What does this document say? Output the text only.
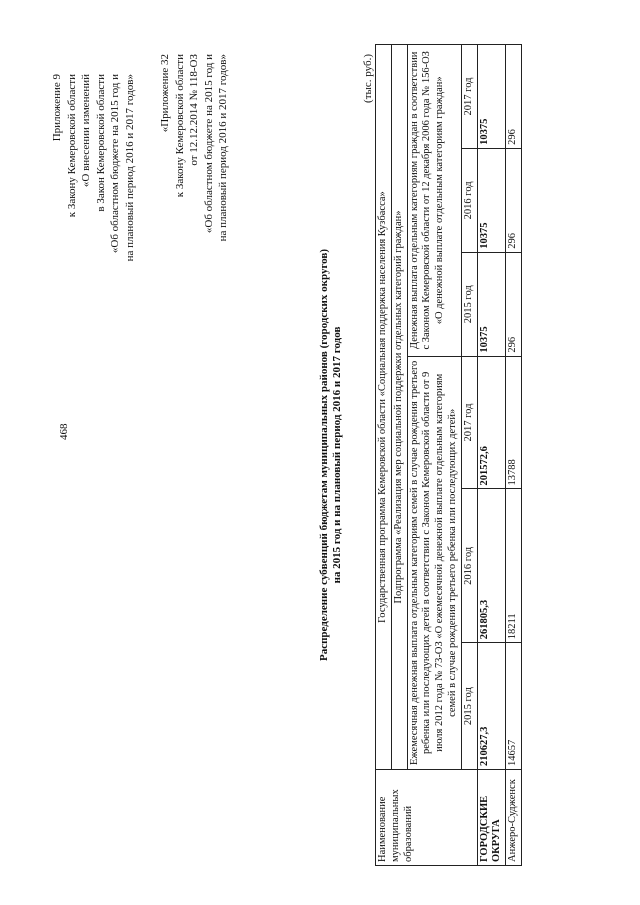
468
Приложение 9 к Закону Кемеровской области «О внесении изменений в Закон Кемеровской области «Об областном бюджете на 2015 год и на плановый период 2016 и 2017 годов» «Приложение 32 к Закону Кемеровской области от 12.12.2014 № 118-ОЗ «Об областном бюджете на 2015 год и на плановый период 2016 и 2017 годов»
Распределение субвенций бюджетам муниципальных районов (городских округов) на 2015 год и на плановый период 2016 и 2017 годов
(тыс. руб.)
Наименование муниципальных образований	Государственная программа Кемеровской области «Социальная поддержка населения Кузбасса»					
	Подпрограмма «Реализация мер социальной поддержки отдельных категорий граждан»					
	Ежемесячная денежная выплата отдельным категориям семей в случае рождения третьего ребенка или последующих детей в соответствии с Законом Кемеровской области от 9 июля 2012 года № 73-ОЗ «О ежемесячной денежной выплате отдельным категориям семей в случае рождения третьего ребенка или последующих детей»			Денежная выплата отдельным категориям граждан в соответствии с Законом Кемеровской области от 12 декабря 2006 года № 156-ОЗ «О денежной выплате отдельным категориям граждан»		
	2015 год	2016 год	2017 год	2015 год	2016 год	2017 год
ГОРОДСКИЕ ОКРУГА	210627,3	261805,3	201572,6	10375	10375	10375
Анжеро-Судженск	14657	18211	13788	296	296	296
